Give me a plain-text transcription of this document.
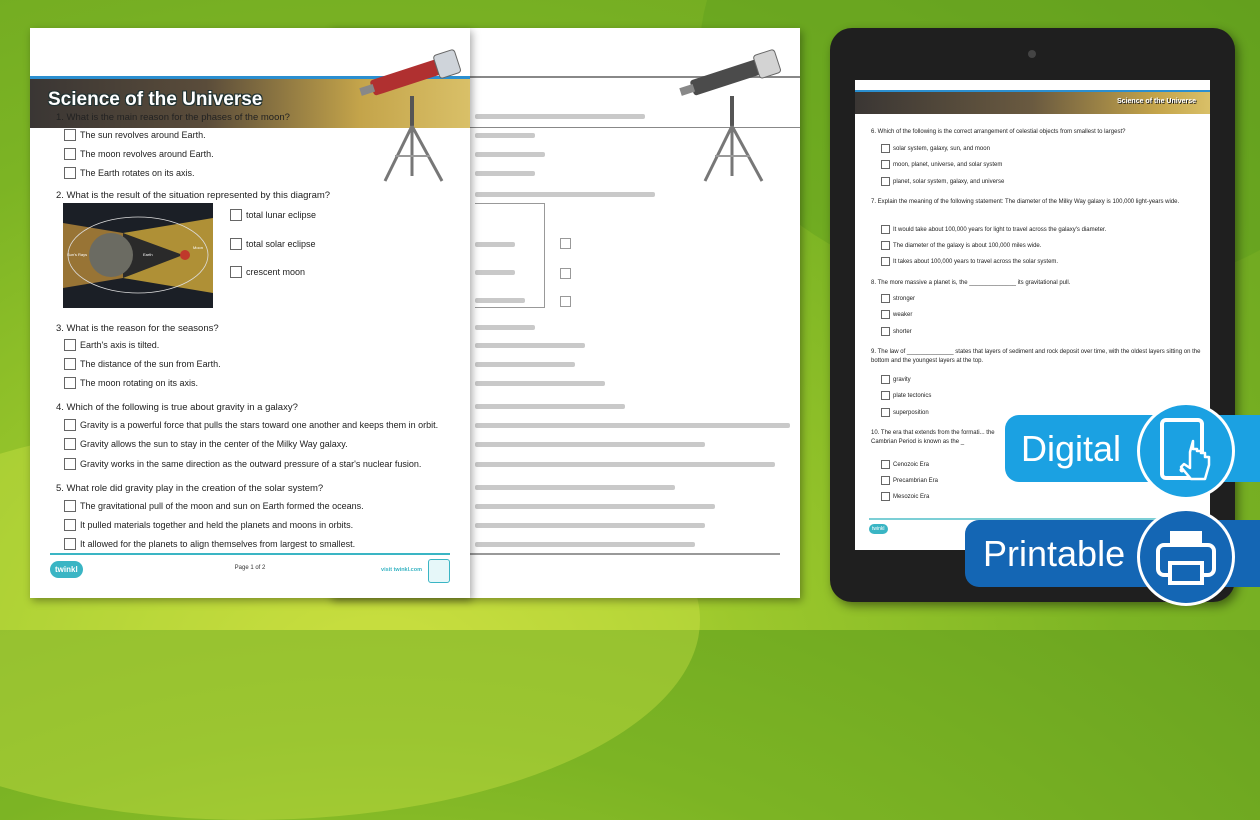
Science of the Universe
1. What is the main reason for the phases of the moon?
The sun revolves around Earth.
The moon revolves around Earth.
The Earth rotates on its axis.
2. What is the result of the situation represented by this diagram?
total lunar eclipse
total solar eclipse
crescent moon
3. What is the reason for the seasons?
Earth's axis is tilted.
The distance of the sun from Earth.
The moon rotating on its axis.
4. Which of the following is true about gravity in a galaxy?
Gravity is a powerful force that pulls the stars toward one another and keeps them in orbit.
Gravity allows the sun to stay in the center of the Milky Way galaxy.
Gravity works in the same direction as the outward pressure of a star's nuclear fusion.
5. What role did gravity play in the creation of the solar system?
The gravitational pull of the moon and sun on Earth formed the oceans.
It pulled materials together and held the planets and moons in orbits.
It allowed for the planets to align themselves from largest to smallest.
Sun's Rays	Earth
Moon
twinkl	Page 1 of 2	visit twinkl.com
Science of the Universe
twinkl
6. Which of the following is the correct arrangement of celestial objects from smallest to largest?
solar system, galaxy, sun, and moon
moon, planet, universe, and solar system
planet, solar system, galaxy, and universe
7. Explain the meaning of the following statement: The diameter of the Milky Way galaxy is 100,000 light-years wide.
It would take about 100,000 years for light to travel across the galaxy's diameter.
The diameter of the galaxy is about 100,000 miles wide.
It takes about 100,000 years to travel across the solar system.
8. The more massive a planet is, the ______________ its gravitational pull.
stronger
weaker
shorter
9. The law of ______________ states that layers of sediment and rock deposit over time, with the oldest layers sitting on the bottom and the youngest layers at the top.
gravity
plate tectonics
superposition
10. The era that extends from the formati... the Cambrian Period is known as the _
Cenozoic Era
Precambrian Era
Mesozoic Era
Digital
Printable
